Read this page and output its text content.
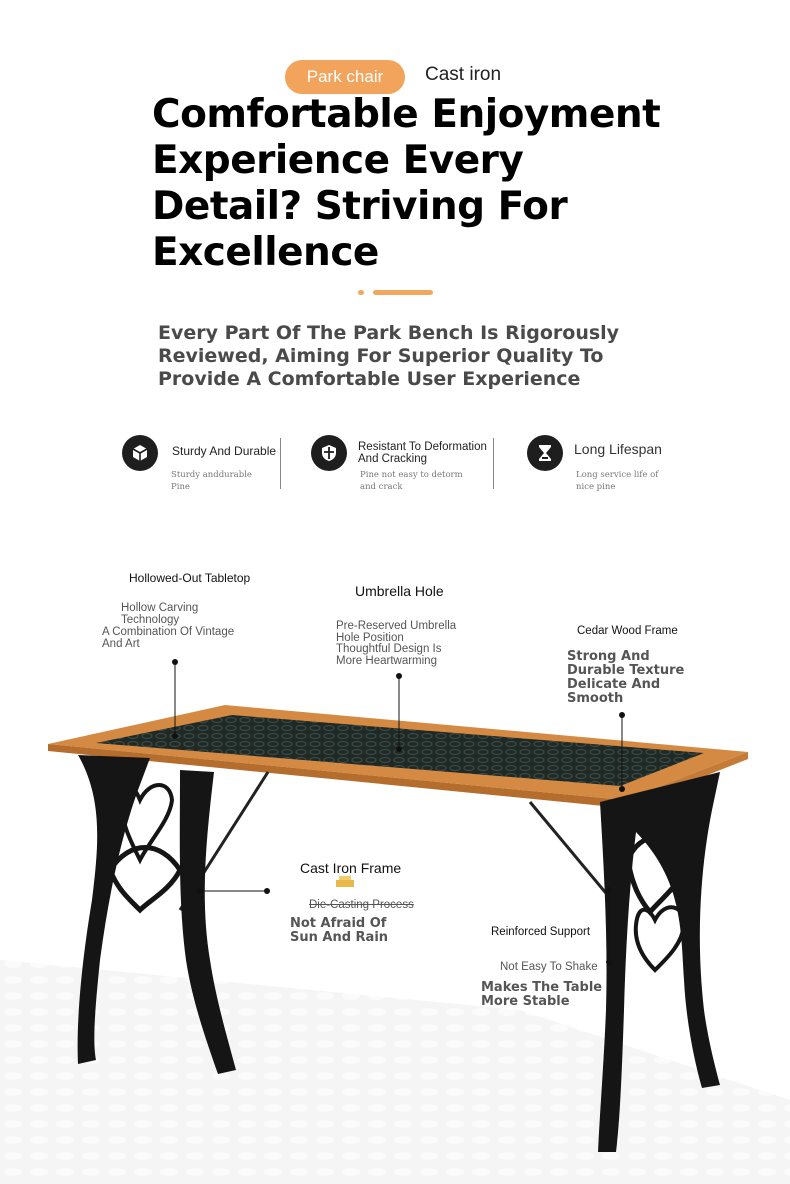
Park chair	Cast iron
Comfortable Enjoyment
Experience Every
Detail? Striving For
Excellence
Every Part Of The Park Bench Is Rigorously
Reviewed, Aiming For Superior Quality To
Provide A Comfortable User Experience
Sturdy And Durable
Sturdy anddurable
Pine
Resistant To Deformation
And Cracking
Pine not easy to detorm
and crack
Long Lifespan
Long service life of
nice pine
Hollowed-Out Tabletop
Hollow Carving
Technology
A Combination Of Vintage
And Art
Umbrella Hole
Pre-Reserved Umbrella
Hole Position
Thoughtful Design Is
More Heartwarming
Cedar Wood Frame
Strong And
Durable Texture
Delicate And
Smooth
Cast Iron Frame
Die-Casting Process
Not Afraid Of
Sun And Rain	Reinforced Support
Not Easy To Shake
Makes The Table
More Stable
